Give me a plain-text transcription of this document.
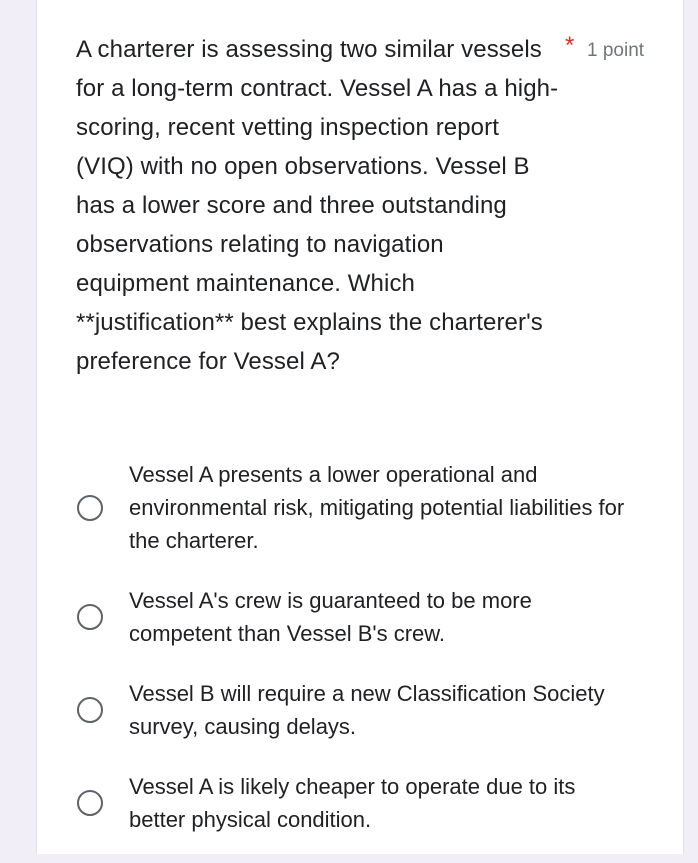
A charterer is assessing two similar vessels for a long-term contract. Vessel A has a high-scoring, recent vetting inspection report (VIQ) with no open observations. Vessel B has a lower score and three outstanding observations relating to navigation equipment maintenance. Which **justification** best explains the charterer's preference for Vessel A?
* 1 point
Vessel A presents a lower operational and environmental risk, mitigating potential liabilities for the charterer.
Vessel A's crew is guaranteed to be more competent than Vessel B's crew.
Vessel B will require a new Classification Society survey, causing delays.
Vessel A is likely cheaper to operate due to its better physical condition.
